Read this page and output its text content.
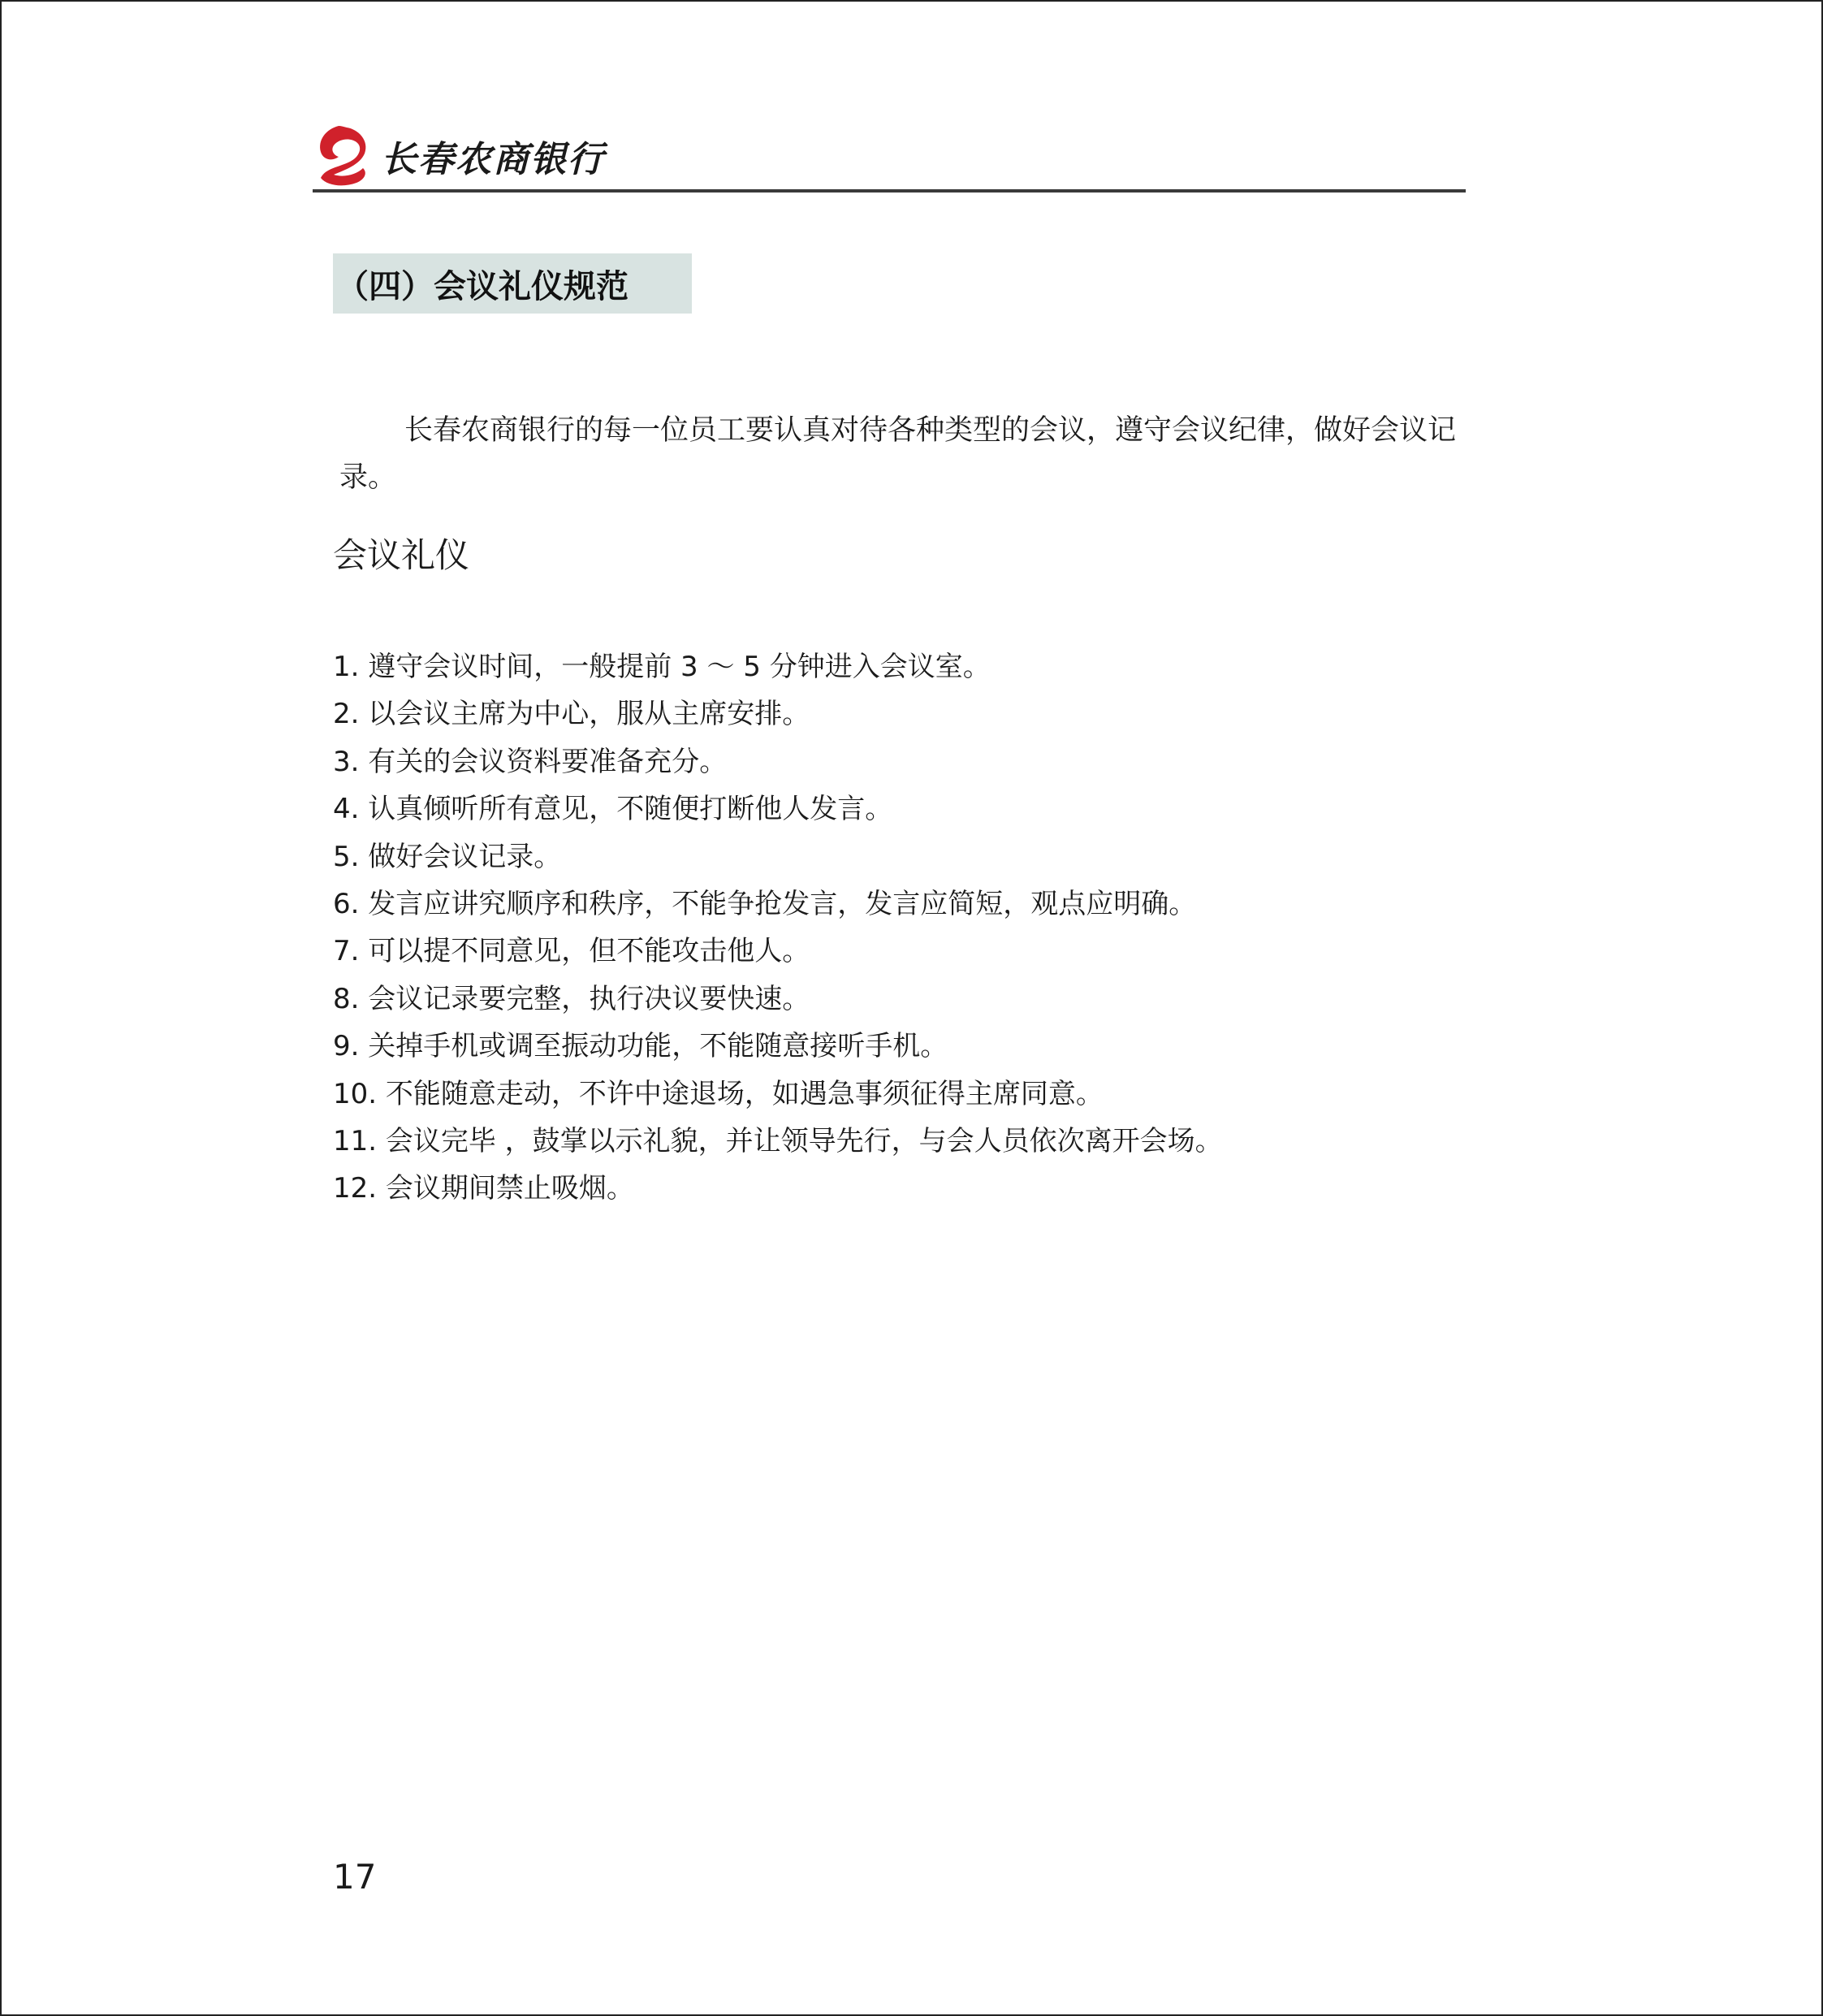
长春农商银行
（四）会议礼仪规范

长春农商银行的每一位员工要认真对待各种类型的会议，遵守会议纪律，做好会议记录。

会议礼仪
1. 遵守会议时间，一般提前 3 ～ 5 分钟进入会议室。
2. 以会议主席为中心，服从主席安排。
3. 有关的会议资料要准备充分。
4. 认真倾听所有意见，不随便打断他人发言。
5. 做好会议记录。
6. 发言应讲究顺序和秩序，不能争抢发言，发言应简短，观点应明确。
7. 可以提不同意见，但不能攻击他人。
8. 会议记录要完整，执行决议要快速。
9. 关掉手机或调至振动功能，不能随意接听手机。
10. 不能随意走动，不许中途退场，如遇急事须征得主席同意。
11. 会议完毕 ，鼓掌以示礼貌，并让领导先行，与会人员依次离开会场。
12. 会议期间禁止吸烟。
17
